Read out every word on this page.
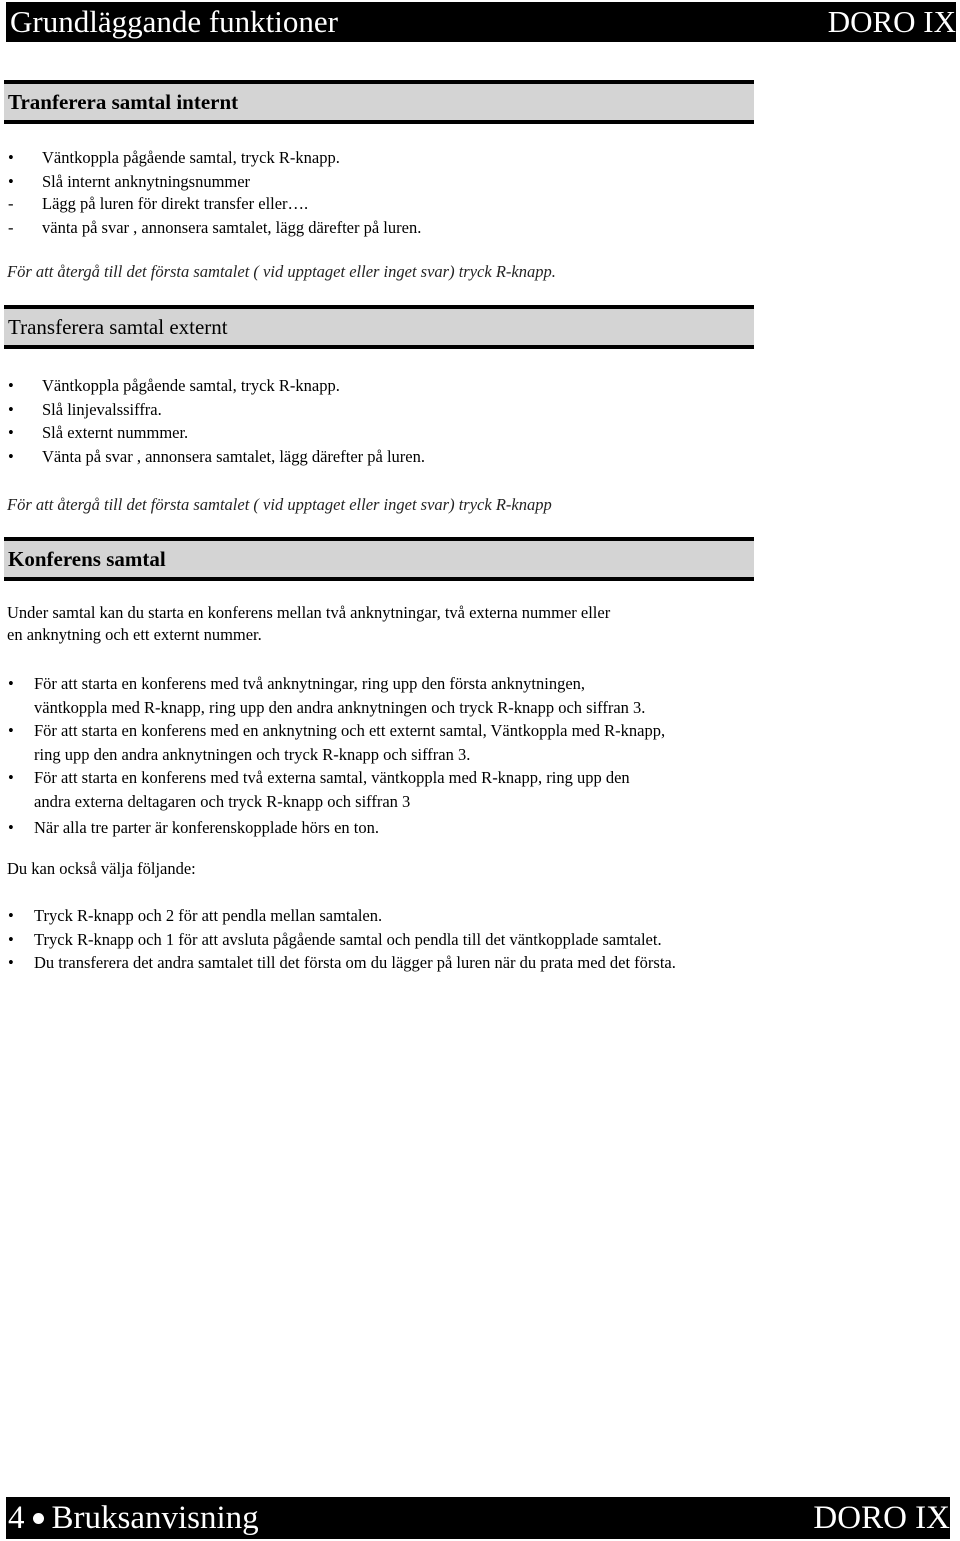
Grundläggande funktioner	DORO IX
Tranferera samtal internt
•	Väntkoppla pågående samtal, tryck R-knapp.
•	Slå internt anknytningsnummer
-	Lägg på luren för direkt transfer eller….
-	vänta på svar , annonsera samtalet, lägg därefter på luren.
För att återgå till det första samtalet ( vid upptaget eller inget svar) tryck R-knapp.
Transferera samtal externt
•	Väntkoppla pågående samtal, tryck R-knapp.
•	Slå linjevalssiffra.
•	Slå externt nummmer.
•	Vänta på svar , annonsera samtalet, lägg därefter på luren.
För att återgå till det första samtalet ( vid upptaget eller inget svar) tryck R-knapp
Konferens samtal
Under samtal kan du starta en konferens mellan två anknytningar, två externa nummer eller
en anknytning och ett externt nummer.
•	För att starta en konferens med två anknytningar, ring upp den första anknytningen,
väntkoppla med R-knapp, ring upp den andra anknytningen och tryck R-knapp och siffran 3.
•	För att starta en konferens med en anknytning och ett externt samtal, Väntkoppla med R-knapp,
ring upp den andra anknytningen och tryck R-knapp och siffran 3.
•	För att starta en konferens med två externa samtal, väntkoppla med R-knapp, ring upp den
andra externa deltagaren och tryck R-knapp och siffran 3
•	När alla tre parter är konferenskopplade hörs en ton.
Du kan också välja följande:
•	Tryck R-knapp och 2 för att pendla mellan samtalen.
•	Tryck R-knapp och 1 för att avsluta pågående samtal och pendla till det väntkopplade samtalet.
•	Du transferera det andra samtalet till det första om du lägger på luren när du prata med det första.
4 Bruksanvisning	DORO IX
